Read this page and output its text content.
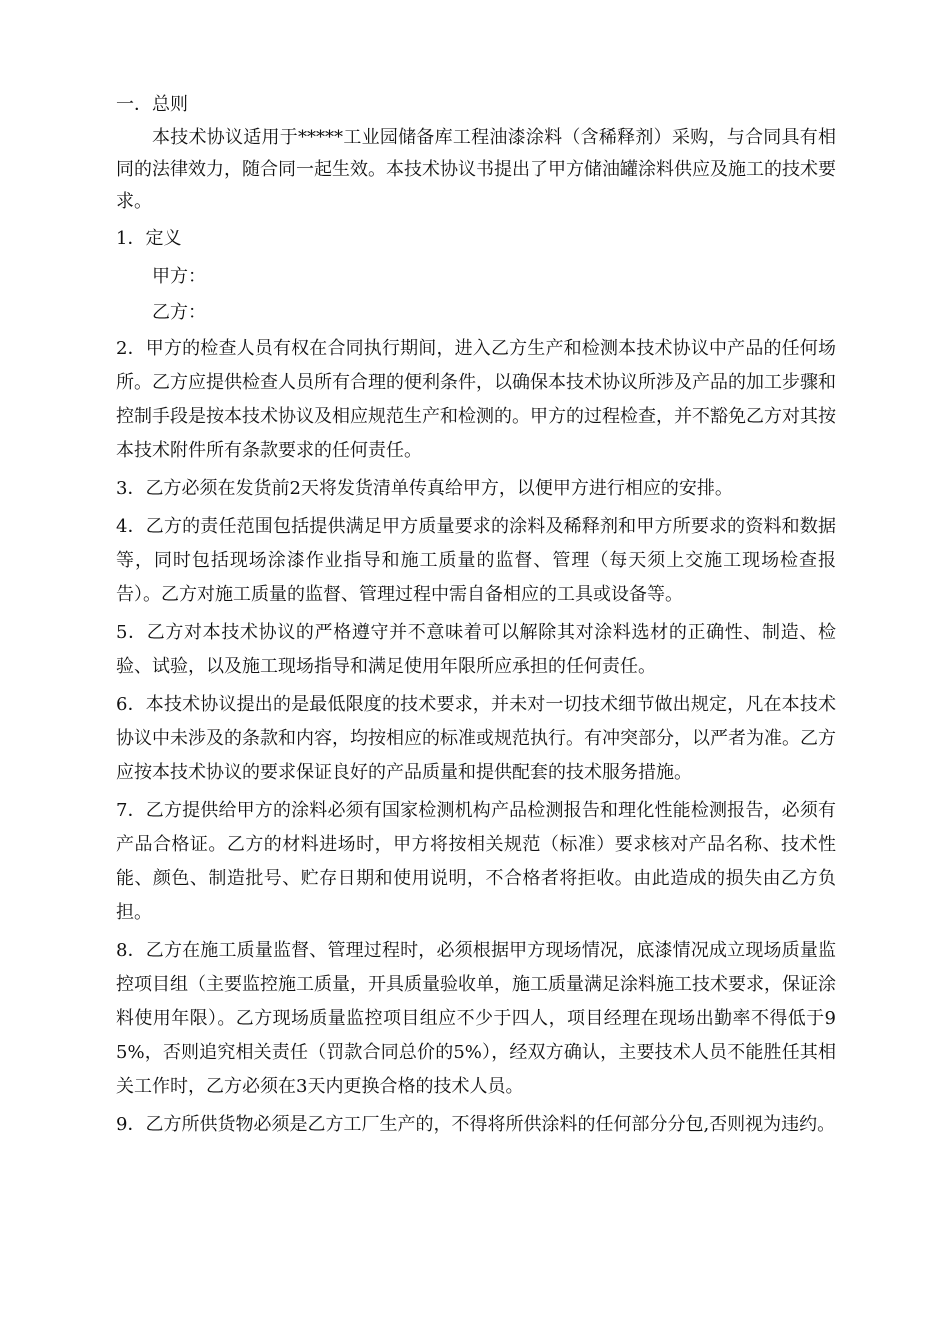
一．总则

本技术协议适用于*****工业园储备库工程油漆涂料（含稀释剂）采购，与合同具有相同的法律效力，随合同一起生效。本技术协议书提出了甲方储油罐涂料供应及施工的技术要求。

1．定义

甲方：

乙方：

2．甲方的检查人员有权在合同执行期间，进入乙方生产和检测本技术协议中产品的任何场所。乙方应提供检查人员所有合理的便利条件，以确保本技术协议所涉及产品的加工步骤和控制手段是按本技术协议及相应规范生产和检测的。甲方的过程检查，并不豁免乙方对其按本技术附件所有条款要求的任何责任。

3．乙方必须在发货前2天将发货清单传真给甲方，以便甲方进行相应的安排。

4．乙方的责任范围包括提供满足甲方质量要求的涂料及稀释剂和甲方所要求的资料和数据等，同时包括现场涂漆作业指导和施工质量的监督、管理（每天须上交施工现场检查报告）。乙方对施工质量的监督、管理过程中需自备相应的工具或设备等。

5．乙方对本技术协议的严格遵守并不意味着可以解除其对涂料选材的正确性、制造、检验、试验，以及施工现场指导和满足使用年限所应承担的任何责任。

6．本技术协议提出的是最低限度的技术要求，并未对一切技术细节做出规定，凡在本技术协议中未涉及的条款和内容，均按相应的标准或规范执行。有冲突部分，以严者为准。乙方应按本技术协议的要求保证良好的产品质量和提供配套的技术服务措施。

7．乙方提供给甲方的涂料必须有国家检测机构产品检测报告和理化性能检测报告，必须有产品合格证。乙方的材料进场时，甲方将按相关规范（标准）要求核对产品名称、技术性能、颜色、制造批号、贮存日期和使用说明，不合格者将拒收。由此造成的损失由乙方负担。

8．乙方在施工质量监督、管理过程时，必须根据甲方现场情况，底漆情况成立现场质量监控项目组（主要监控施工质量，开具质量验收单，施工质量满足涂料施工技术要求，保证涂料使用年限）。乙方现场质量监控项目组应不少于四人，项目经理在现场出勤率不得低于95%，否则追究相关责任（罚款合同总价的5%），经双方确认，主要技术人员不能胜任其相关工作时，乙方必须在3天内更换合格的技术人员。

9．乙方所供货物必须是乙方工厂生产的，不得将所供涂料的任何部分分包,否则视为违约。
